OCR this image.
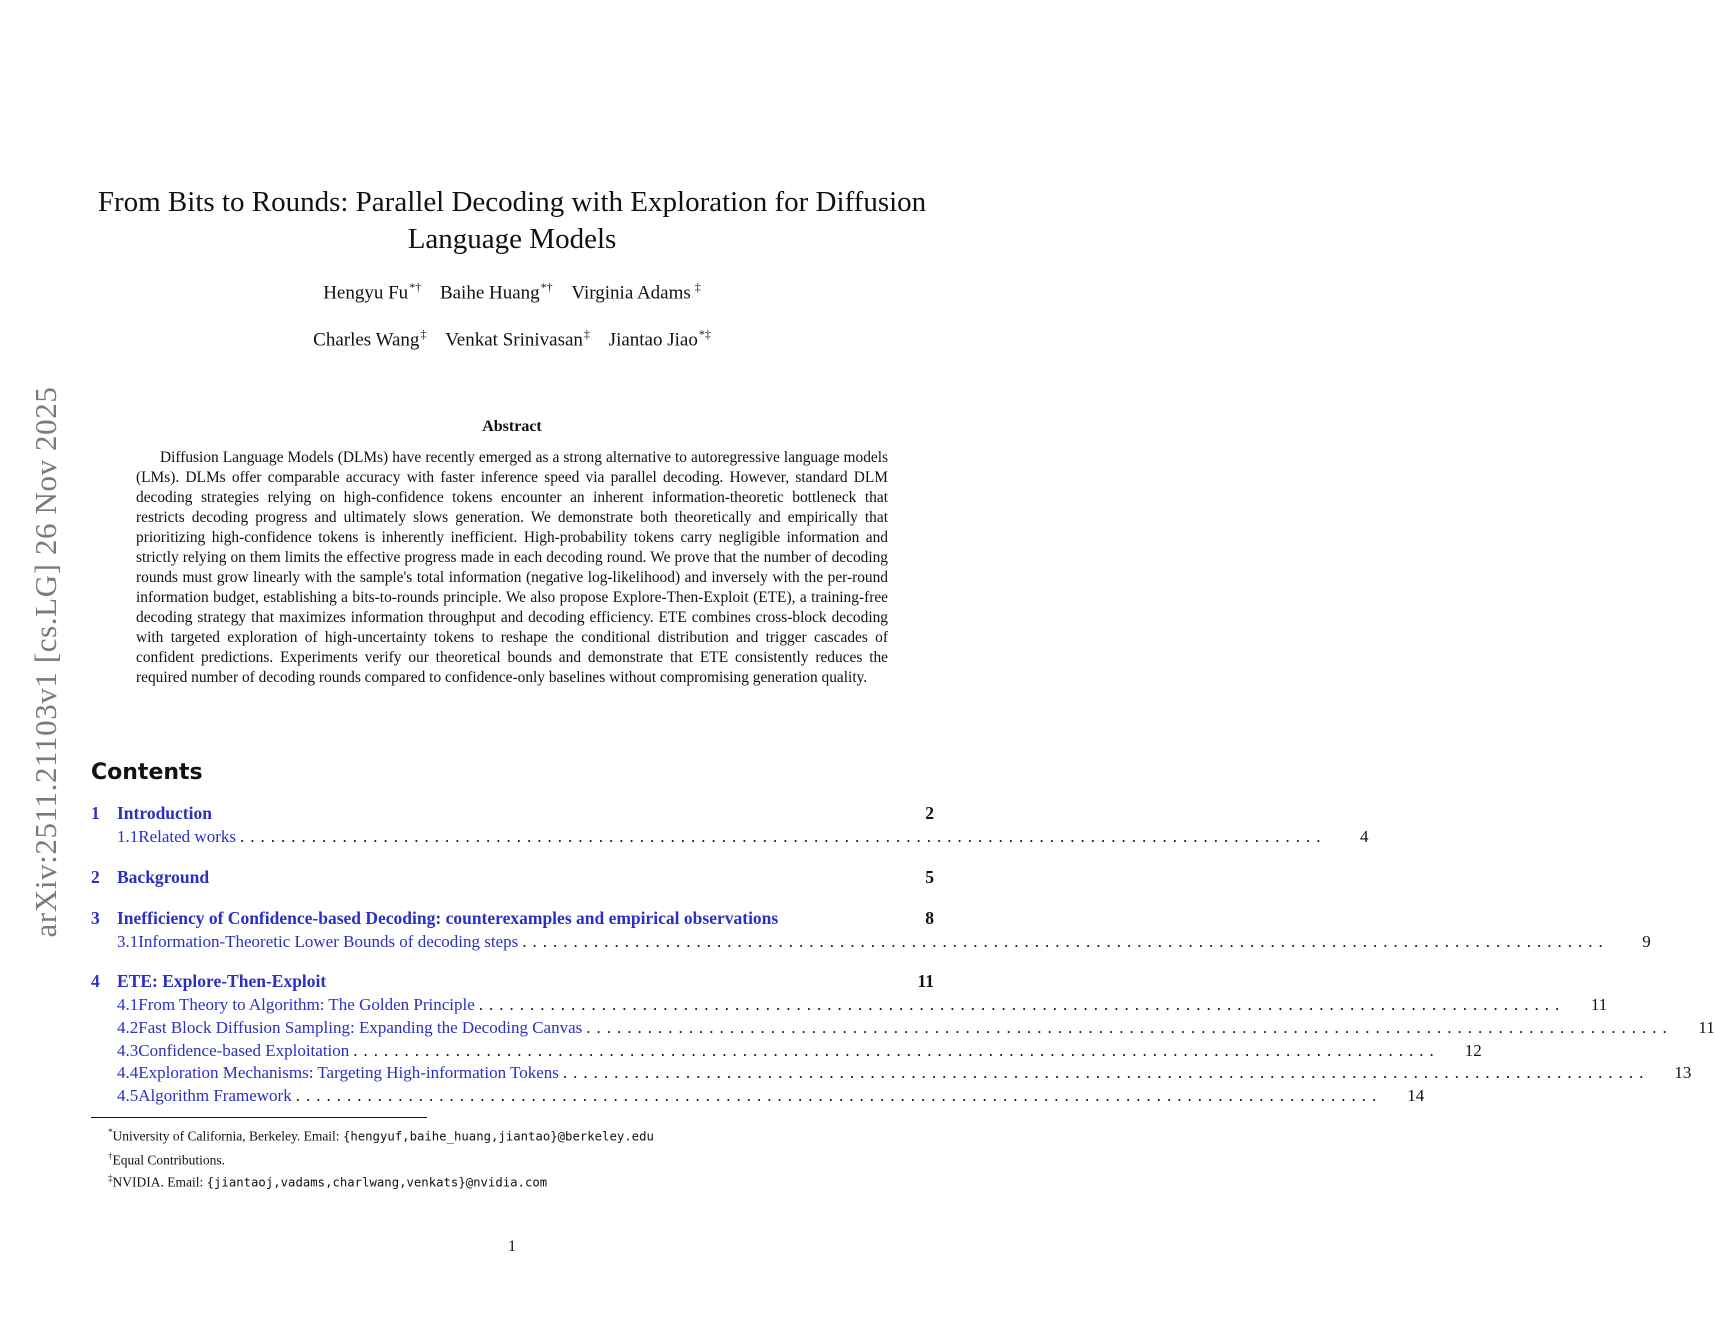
arXiv:2511.21103v1 [cs.LG] 26 Nov 2025
From Bits to Rounds: Parallel Decoding with Exploration for Diffusion
Language Models
Hengyu Fu*† Baihe Huang*† Virginia Adams ‡
Charles Wang‡ Venkat Srinivasan‡ Jiantao Jiao*‡
Abstract

Diffusion Language Models (DLMs) have recently emerged as a strong alternative to autoregressive language models (LMs). DLMs offer comparable accuracy with faster inference speed via parallel decoding. However, standard DLM decoding strategies relying on high-confidence tokens encounter an inherent information-theoretic bottleneck that restricts decoding progress and ultimately slows generation. We demonstrate both theoretically and empirically that prioritizing high-confidence tokens is inherently inefficient. High-probability tokens carry negligible information and strictly relying on them limits the effective progress made in each decoding round. We prove that the number of decoding rounds must grow linearly with the sample's total information (negative log-likelihood) and inversely with the per-round information budget, establishing a bits-to-rounds principle. We also propose Explore-Then-Exploit (ETE), a training-free decoding strategy that maximizes information throughput and decoding efficiency. ETE combines cross-block decoding with targeted exploration of high-uncertainty tokens to reshape the conditional distribution and trigger cascades of confident predictions. Experiments verify our theoretical bounds and demonstrate that ETE consistently reduces the required number of decoding rounds compared to confidence-only baselines without compromising generation quality.

Contents
1 Introduction	2
1.1 Related works ..........................................................................................................	4
2 Background	5
3 Inefficiency of Confidence-based Decoding: counterexamples and empirical observations	8
3.1 Information-Theoretic Lower Bounds of decoding steps ..........................................................................................................	9
4 ETE: Explore-Then-Exploit	11
4.1 From Theory to Algorithm: The Golden Principle ..........................................................................................................	11
4.2 Fast Block Diffusion Sampling: Expanding the Decoding Canvas ..........................................................................................................	11
4.3 Confidence-based Exploitation ..........................................................................................................	12
4.4 Exploration Mechanisms: Targeting High-information Tokens ..........................................................................................................	13
4.5 Algorithm Framework ..........................................................................................................	14
*University of California, Berkeley. Email: {hengyuf,baihe_huang,jiantao}@berkeley.edu
†Equal Contributions.
‡NVIDIA. Email: {jiantaoj,vadams,charlwang,venkats}@nvidia.com
1
